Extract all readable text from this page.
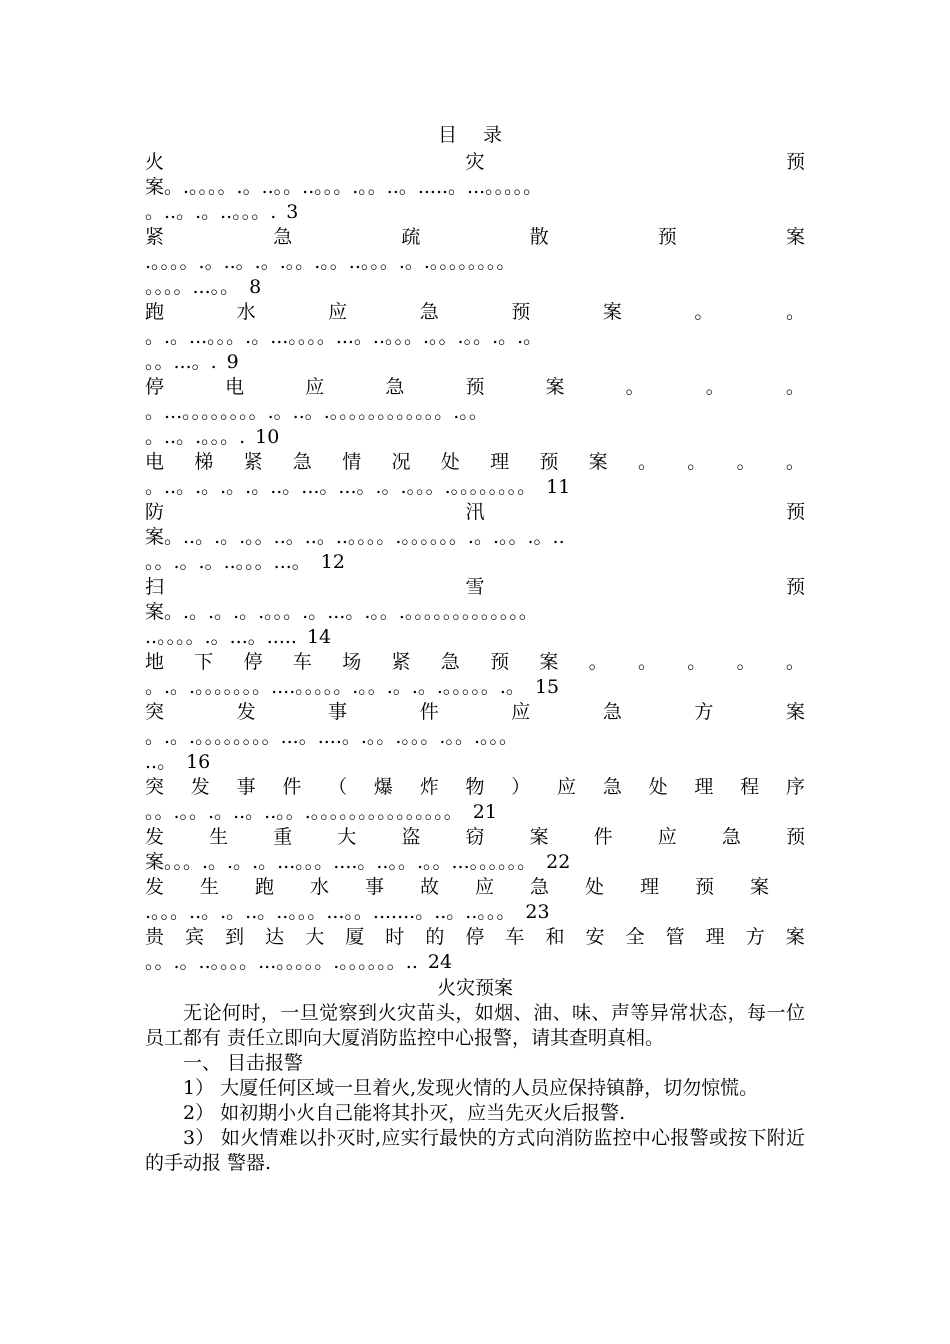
目 录
火	灾	预
案。.。。。。.。..。。..。。。.。。..。.....。...。。。。。
。..。.。..。。。. 3
紧	急	疏	散	预	案
.。。。。.。..。.。.。。.。。..。。。.。.。。。。。。。。
。。。。...。。 8
跑	水	应	急	预	案	。	。
。.。...。。。.。...。。。。...。..。。。.。。.。。.。.。
。。...。. 9
停	电	应	急	预	案	。	。	。
。...。。。。。。。。.。..。.。。。。。。。。。。。。.。。
。..。.。。。. 10
电 梯 紧 急 情 况 处 理 预 案 。 。 。 。
。..。.。.。.。..。...。...。.。.。。。.。。。。。。。。 11
防	汛	预
案。..。.。.。。..。..。..。。。。.。。。。。。.。.。。.。..
。。.。.。..。。。...。 12
扫	雪	预
案。.。.。.。.。。。.。...。.。。.。。。。。。。。。。。。。
..。。。。.。...。..... 14
地 下 停 车 场 紧 急 预 案 。 。 。 。 。
。.。.。。。。。。。....。。。。。.。。.。.。.。。。。。.。 15
突	发	事	件	应	急	方	案
。.。.。。。。。。。。...。....。.。。.。。。.。。.。。。
..。 16
突 发 事 件 （ 爆 炸 物 ） 应 急 处 理 程 序
。。.。。.。..。..。。.。。。。。。。。。。。。。。。 21
发 生 重 大 盗 窃 案 件 应 急 预
案。。。.。.。.。...。。。....。..。。.。。...。。。。。。 22
发 生 跑 水 事 故 应 急 处 理 预 案
.。。。..。.。..。..。。。...。。.......。..。..。。。 23
贵 宾 到 达 大 厦 时 的 停 车 和 安 全 管 理 方 案
。。.。..。。。。...。。。。。.。。。。。。.. 24
火灾预案
无论何时，一旦觉察到火灾苗头，如烟、油、味、声等异常状态，每一位员工都有 责任立即向大厦消防监控中心报警，请其查明真相。
一、 目击报警
1） 大厦任何区域一旦着火,发现火情的人员应保持镇静，切勿惊慌。
2） 如初期小火自己能将其扑灭，应当先灭火后报警.
3） 如火情难以扑灭时,应实行最快的方式向消防监控中心报警或按下附近的手动报 警器.
